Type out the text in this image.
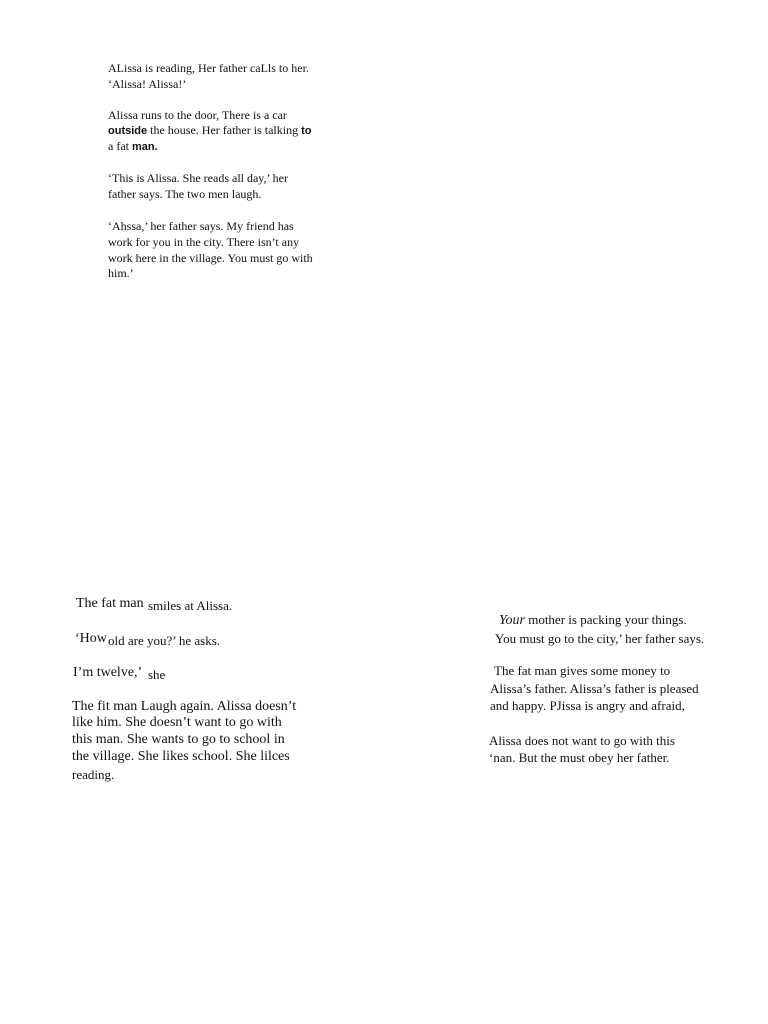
ALissa is reading, Her father caLls to her.
‘Alissa! Alissa!’
Alissa runs to the door, There is a car
outside the house. Her father is talking to
a fat man.
‘This is Alissa. She reads all day,’ her
father says. The two men laugh.
‘Ahssa,’ her father says. My friend has
work for you in the city. There isn’t any
work here in the village. You must go with
him.’
The fat man smiles at Alissa.
‘How old are you?’ he asks.
I’m twelve,’ she
The fit man Laugh again. Alissa doesn’t
like him. She doesn’t want to go with
this man. She wants to go to school in
the village. She likes school. She lilces
reading.
Your mother is packing your things.
You must go to the city,’ her father says.
The fat man gives some money to
Alissa’s father. Alissa’s father is pleased
and happy. PJissa is angry and afraid,
Alissa does not want to go with this
‘nan. But the must obey her father.
